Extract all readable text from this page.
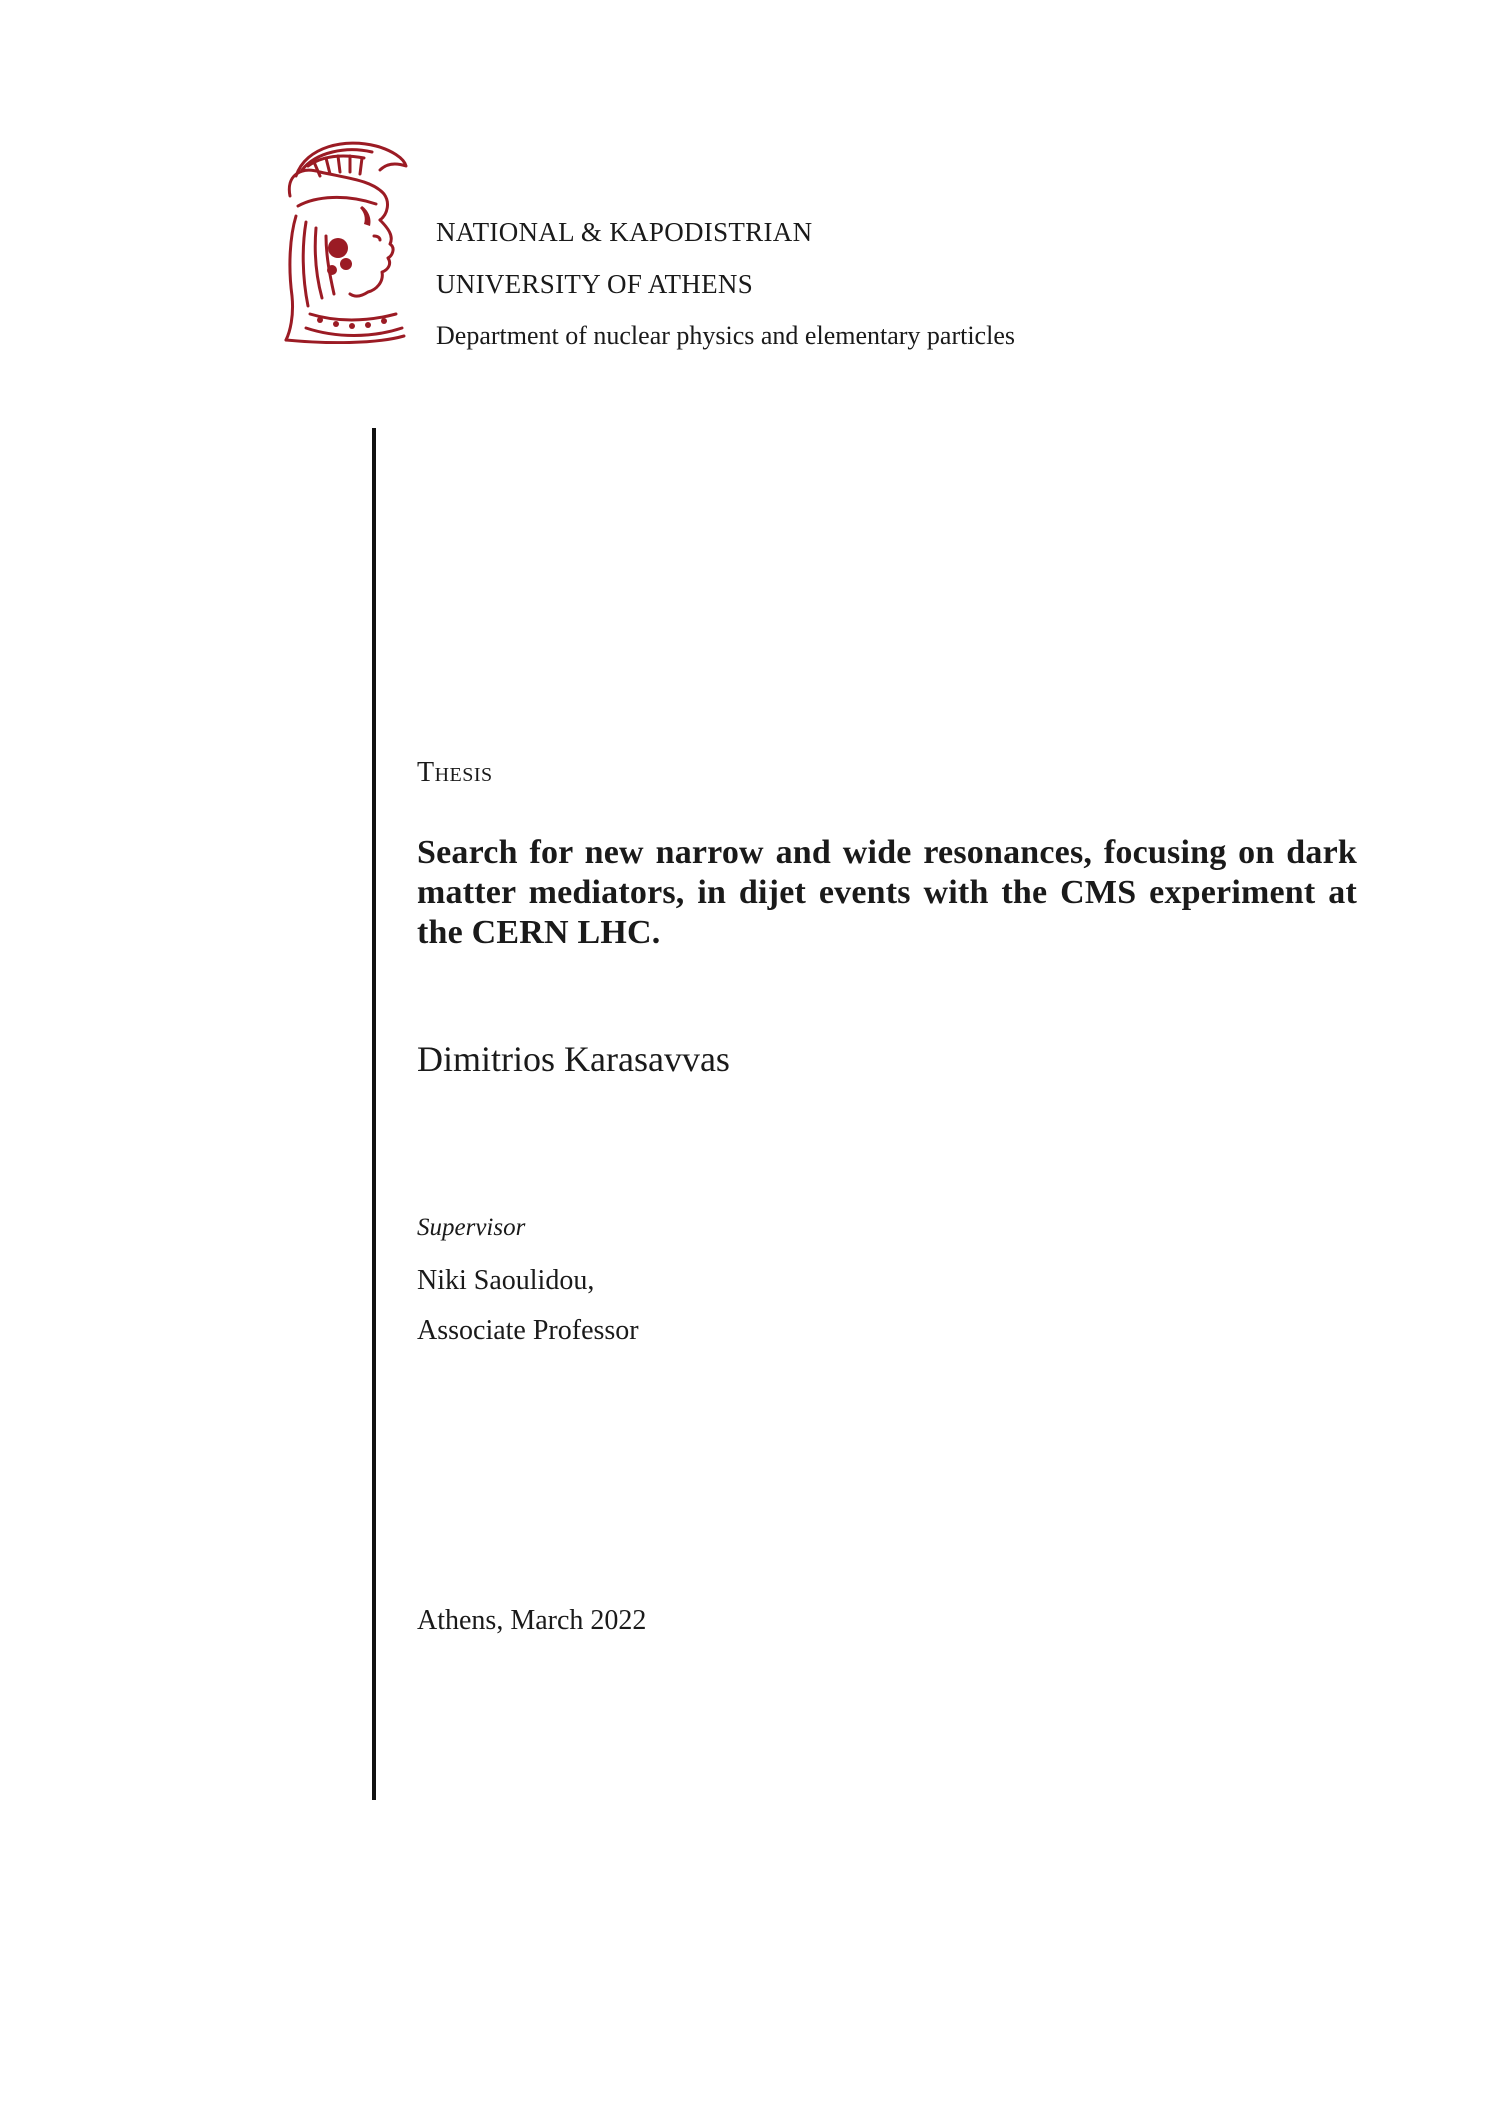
NATIONAL & KAPODISTRIAN
UNIVERSITY OF ATHENS
Department of nuclear physics and elementary particles
Thesis
Search for new narrow and wide resonances, focusing on dark matter mediators, in dijet events with the CMS experiment at the CERN LHC.
Dimitrios Karasavvas
Supervisor
Niki Saoulidou,
Associate Professor
Athens, March 2022
